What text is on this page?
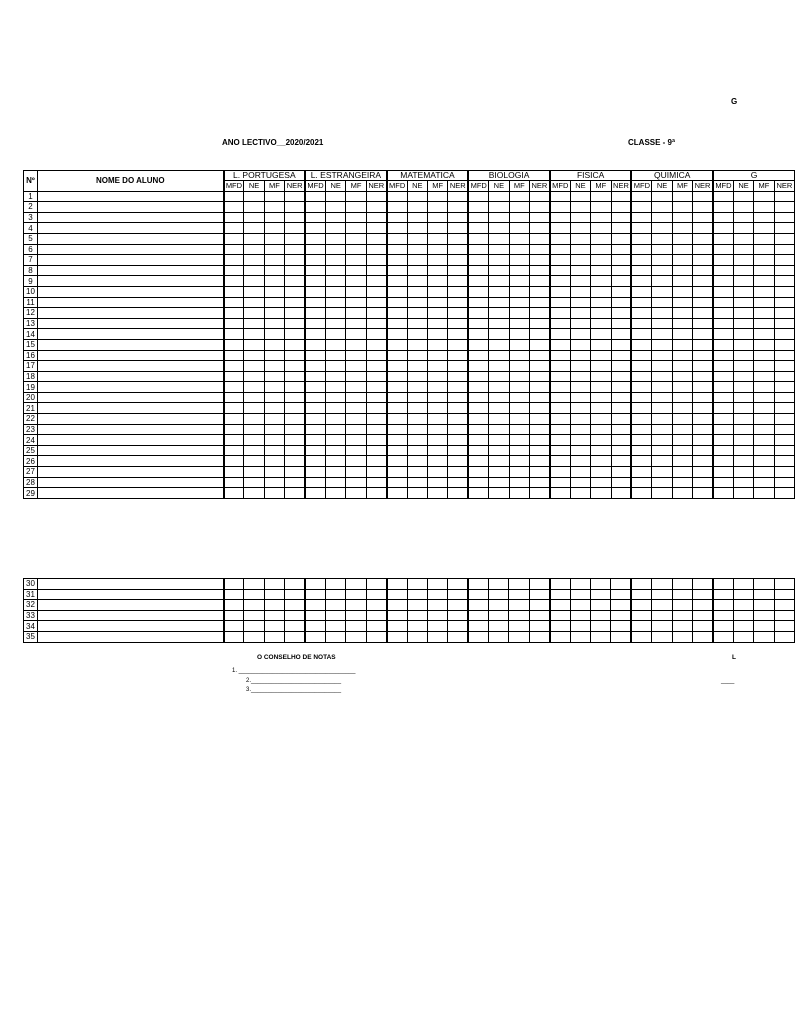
G
ANO LECTIVO__2020/2021	CLASSE - 9ª
Nº	NOME DO ALUNO	L. PORTUGESA				L. ESTRANGEIRA				MATEMATICA				BIOLOGIA				FISICA				QUIMICA				G			
		MFD	NE	MF	NER	MFD	NE	MF	NER	MFD	NE	MF	NER	MFD	NE	MF	NER	MFD	NE	MF	NER	MFD	NE	MF	NER	MFD	NE	MF	NER
1																													
2																													
3																													
4																													
5																													
6																													
7																													
8																													
9																													
10																													
11																													
12																													
13																													
14																													
15																													
16																													
17																													
18																													
19																													
20																													
21																													
22																													
23																													
24																													
25																													
26																													
27																													
28																													
29																													
30																													
31																													
32																													
33																													
34																													
35																													
O CONSELHO DE NOTAS
1. ___________________________________
2.___________________________
3.___________________________
L
____
